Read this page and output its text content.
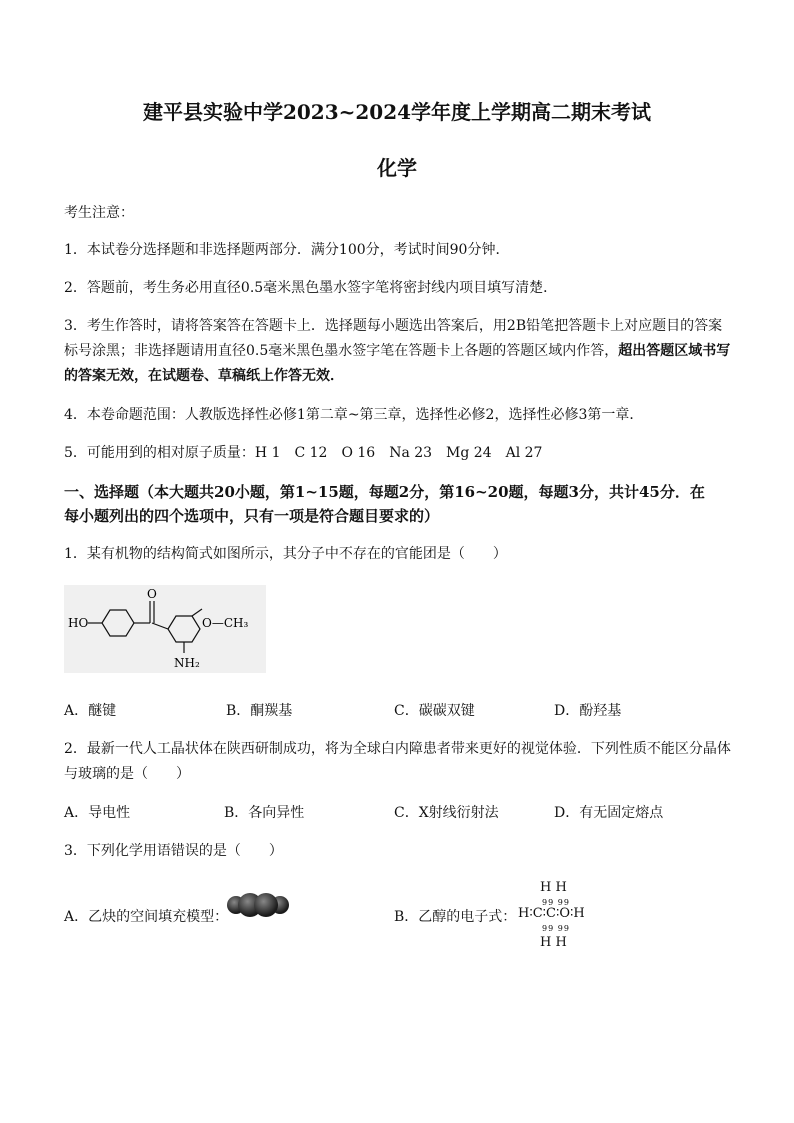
建平县实验中学2023~2024学年度上学期高二期末考试
化学
考生注意：
1．本试卷分选择题和非选择题两部分．满分100分，考试时间90分钟．
2．答题前，考生务必用直径0.5毫米黑色墨水签字笔将密封线内项目填写清楚．
3．考生作答时，请将答案答在答题卡上．选择题每小题选出答案后，用2B铅笔把答题卡上对应题目的答案
标号涂黑；非选择题请用直径0.5毫米黑色墨水签字笔在答题卡上各题的答题区域内作答，超出答题区域书写
的答案无效，在试题卷、草稿纸上作答无效．
4．本卷命题范围：人教版选择性必修1第二章~第三章，选择性必修2，选择性必修3第一章．
5．可能用到的相对原子质量：H 1　C 12　O 16　Na 23　Mg 24　Al 27
一、选择题（本大题共20小题，第1~15题，每题2分，第16~20题，每题3分，共计45分．在
每小题列出的四个选项中，只有一项是符合题目要求的）
1．某有机物的结构简式如图所示，其分子中不存在的官能团是（　　）
HO
O
O—CH₃
NH₂
A．醚键	B．酮羰基	C．碳碳双键	D．酚羟基
2．最新一代人工晶状体在陕西研制成功，将为全球白内障患者带来更好的视觉体验．下列性质不能区分晶体
与玻璃的是（　　）
A．导电性	B．各向异性	C．X射线衍射法	D．有无固定熔点
3．下列化学用语错误的是（　　）
A．乙炔的空间填充模型：	B．乙醇的电子式：
H H
99 99
H∶C∶C∶O∶H
99 99
H H
